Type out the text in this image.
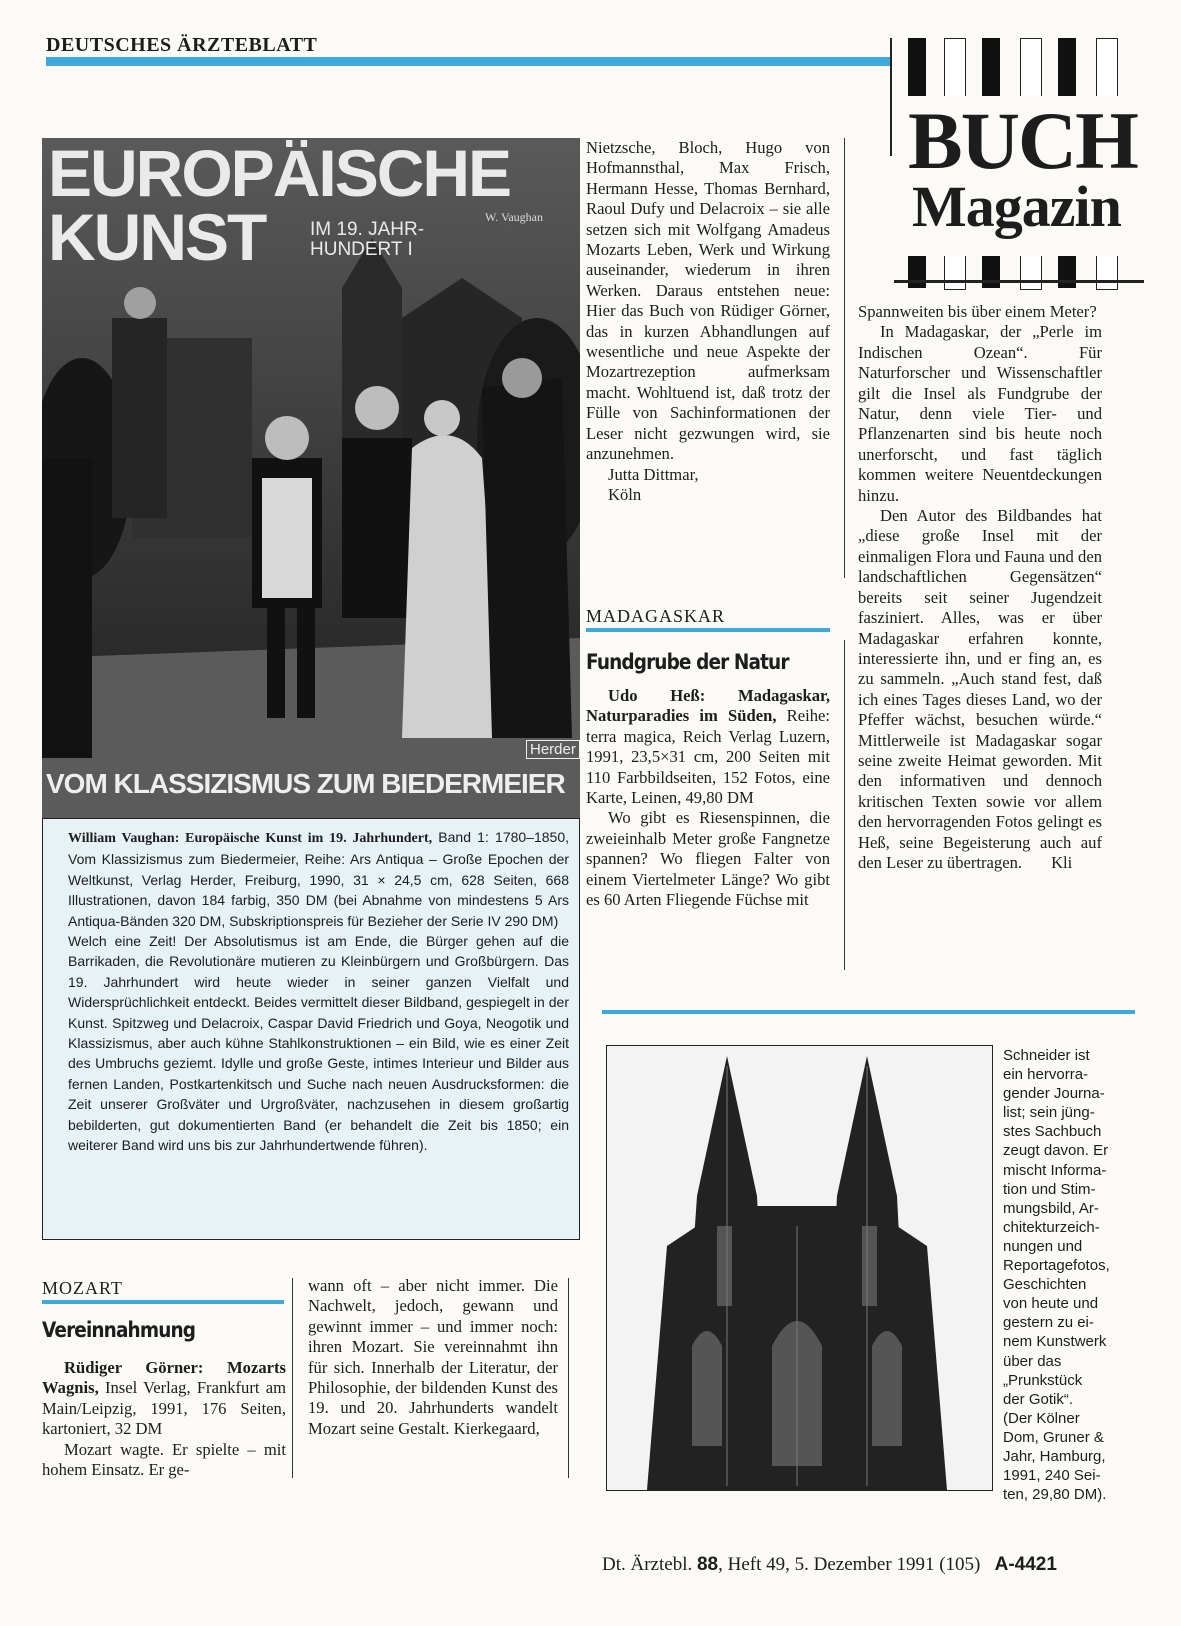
DEUTSCHES ÄRZTEBLATT
BUCH
Magazin
EUROPÄISCHE
KUNST IM 19. JAHR-
HUNDERT I
W. Vaughan
Herder
VOM KLASSIZISMUS ZUM BIEDERMEIER

William Vaughan: Europäische Kunst im 19. Jahrhundert, Band 1: 1780–1850, Vom Klassizismus zum Biedermeier, Reihe: Ars Antiqua – Große Epochen der Weltkunst, Verlag Herder, Freiburg, 1990, 31 × 24,5 cm, 628 Seiten, 668 Illustrationen, davon 184 farbig, 350 DM (bei Abnahme von mindestens 5 Ars Antiqua-Bänden 320 DM, Subskriptionspreis für Bezieher der Serie IV 290 DM)

Welch eine Zeit! Der Absolutismus ist am Ende, die Bürger gehen auf die Barrikaden, die Revolutionäre mutieren zu Kleinbürgern und Großbürgern. Das 19. Jahrhundert wird heute wieder in seiner ganzen Vielfalt und Widersprüchlichkeit entdeckt. Beides vermittelt dieser Bildband, gespiegelt in der Kunst. Spitzweg und Delacroix, Caspar David Friedrich und Goya, Neogotik und Klassizismus, aber auch kühne Stahlkonstruktionen – ein Bild, wie es einer Zeit des Umbruchs geziemt. Idylle und große Geste, intimes Interieur und Bilder aus fernen Landen, Postkartenkitsch und Suche nach neuen Ausdrucksformen: die Zeit unserer Großväter und Urgroßväter, nachzusehen in diesem großartig bebilderten, gut dokumentierten Band (er behandelt die Zeit bis 1850; ein weiterer Band wird uns bis zur Jahrhundertwende führen).

MOZART
Vereinnahmung

Rüdiger Görner: Mozarts Wagnis, Insel Verlag, Frankfurt am Main/Leipzig, 1991, 176 Seiten, kartoniert, 32 DM

Mozart wagte. Er spielte – mit hohem Einsatz. Er ge-

wann oft – aber nicht immer. Die Nachwelt, jedoch, gewann und gewinnt immer – und immer noch: ihren Mozart. Sie vereinnahmt ihn für sich. Innerhalb der Literatur, der Philosophie, der bildenden Kunst des 19. und 20. Jahrhunderts wandelt Mozart seine Gestalt. Kierkegaard,

Nietzsche, Bloch, Hugo von Hofmannsthal, Max Frisch, Hermann Hesse, Thomas Bernhard, Raoul Dufy und Delacroix – sie alle setzen sich mit Wolfgang Amadeus Mozarts Leben, Werk und Wirkung auseinander, wiederum in ihren Werken. Daraus entstehen neue: Hier das Buch von Rüdiger Görner, das in kurzen Abhandlungen auf wesentliche und neue Aspekte der Mozartrezeption aufmerksam macht. Wohltuend ist, daß trotz der Fülle von Sachinformationen der Leser nicht gezwungen wird, sie anzunehmen.

Jutta Dittmar,

Köln

MADAGASKAR
Fundgrube der Natur

Udo Heß: Madagaskar, Naturparadies im Süden, Reihe: terra magica, Reich Verlag Luzern, 1991, 23,5×31 cm, 200 Seiten mit 110 Farbbildseiten, 152 Fotos, eine Karte, Leinen, 49,80 DM

Wo gibt es Riesenspinnen, die zweieinhalb Meter große Fangnetze spannen? Wo fliegen Falter von einem Viertelmeter Länge? Wo gibt es 60 Arten Fliegende Füchse mit

Spannweiten bis über einem Meter?

In Madagaskar, der „Perle im Indischen Ozean“. Für Naturforscher und Wissenschaftler gilt die Insel als Fundgrube der Natur, denn viele Tier- und Pflanzenarten sind bis heute noch unerforscht, und fast täglich kommen weitere Neuentdeckungen hinzu.

Den Autor des Bildbandes hat „diese große Insel mit der einmaligen Flora und Fauna und den landschaftlichen Gegensätzen“ bereits seit seiner Jugendzeit fasziniert. Alles, was er über Madagaskar erfahren konnte, interessierte ihn, und er fing an, es zu sammeln. „Auch stand fest, daß ich eines Tages dieses Land, wo der Pfeffer wächst, besuchen würde.“ Mittlerweile ist Madagaskar sogar seine zweite Heimat geworden. Mit den informativen und dennoch kritischen Texten sowie vor allem den hervorragenden Fotos gelingt es Heß, seine Begeisterung auch auf den Leser zu übertragen. Kli

Schneider ist

ein hervorra-

gender Journa-

list; sein jüng-

stes Sachbuch

zeugt davon. Er

mischt Informa-

tion und Stim-

mungsbild, Ar-

chitekturzeich-

nungen und

Reportagefotos,

Geschichten

von heute und

gestern zu ei-

nem Kunstwerk

über das

„Prunkstück

der Gotik“.

(Der Kölner

Dom, Gruner &

Jahr, Hamburg,

1991, 240 Sei-

ten, 29,80 DM).

Dt. Ärztebl. 88, Heft 49, 5. Dezember 1991 (105) A-4421
